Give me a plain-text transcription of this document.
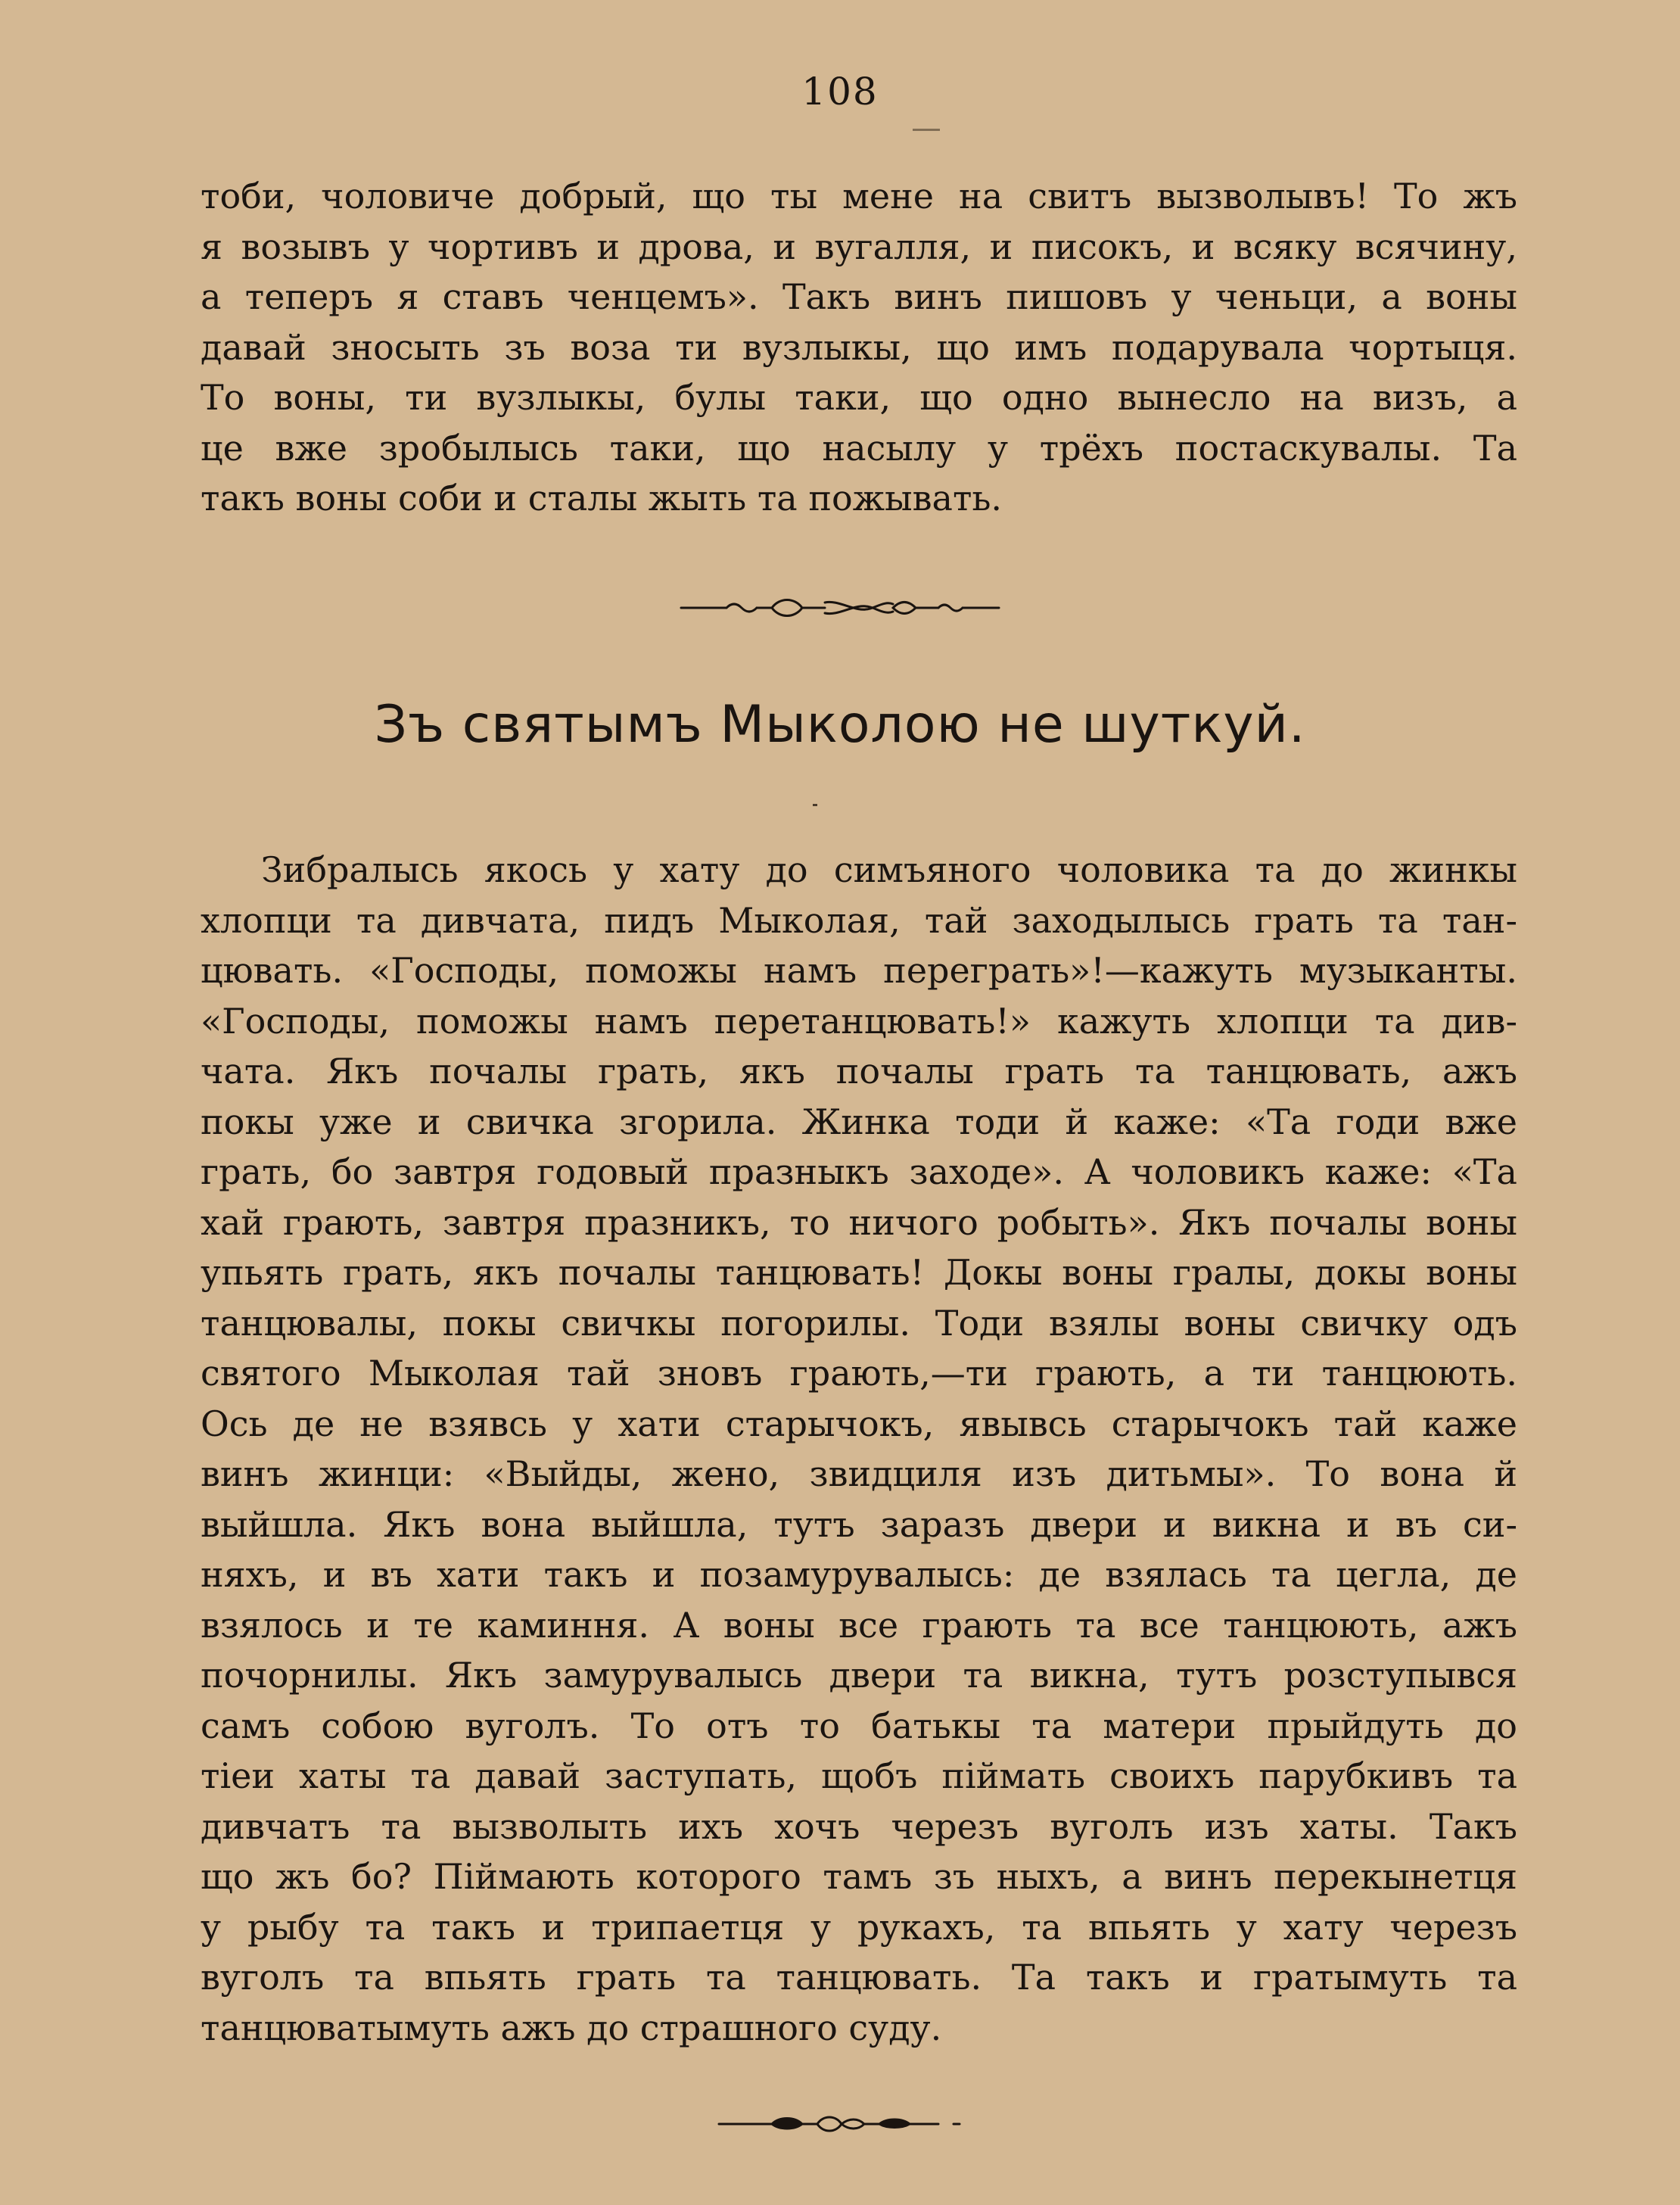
108
тоби, чоловиче добрый, що ты мене на свитъ вызволывъ! То жъ
я возывъ у чортивъ и дрова, и вугалля, и писокъ, и всяку всячину,
а теперъ я ставъ ченцемъ». Такъ винъ пишовъ у ченьци, а воны
давай зносыть зъ воза ти вузлыкы, що имъ подарувала чортыця.
То воны, ти вузлыкы, булы таки, що одно вынесло на визъ, а
це вже зробылысь таки, що насылу у трёхъ постаскувалы. Та
такъ воны соби и сталы жыть та пожывать.
Зъ святымъ Мыколою не шуткуй.
Зибралысь якось у хату до симъяного чоловика та до жинкы
хлопци та дивчата, пидъ Мыколая, тай заходылысь грать та тан-
цювать. «Господы, поможы намъ переграть»!—кажуть музыканты.
«Господы, поможы намъ перетанцювать!» кажуть хлопци та див-
чата. Якъ почалы грать, якъ почалы грать та танцювать, ажъ
покы уже и свичка згорила. Жинка тоди й каже: «Та годи вже
грать, бо завтря годовый празныкъ заходе». А чоловикъ каже: «Та
хай грають, завтря празникъ, то ничого робыть». Якъ почалы воны
упьять грать, якъ почалы танцювать! Докы воны гралы, докы воны
танцювалы, покы свичкы погорилы. Тоди взялы воны свичку одъ
святого Мыколая тай зновъ грають,—ти грають, а ти танцюють.
Ось де не взявсь у хати старычокъ, явывсь старычокъ тай каже
винъ жинци: «Выйды, жено, звидциля изъ дитьмы». То вона й
выйшла. Якъ вона выйшла, тутъ заразъ двери и викна и въ си-
няхъ, и въ хати такъ и позамурувалысь: де взялась та цегла, де
взялось и те каминня. А воны все грають та все танцюють, ажъ
почорнилы. Якъ замурувалысь двери та викна, тутъ розступывся
самъ собою вуголъ. То отъ то батькы та матери прыйдуть до
тіеи хаты та давай заступать, щобъ піймать своихъ парубкивъ та
дивчатъ та вызволыть ихъ хочъ черезъ вуголъ изъ хаты. Такъ
що жъ бо? Піймають которого тамъ зъ ныхъ, а винъ перекынетця
у рыбу та такъ и трипаетця у рукахъ, та впьять у хату черезъ
вуголъ та впьять грать та танцювать. Та такъ и гратымуть та
танцюватымуть ажъ до страшного суду.
